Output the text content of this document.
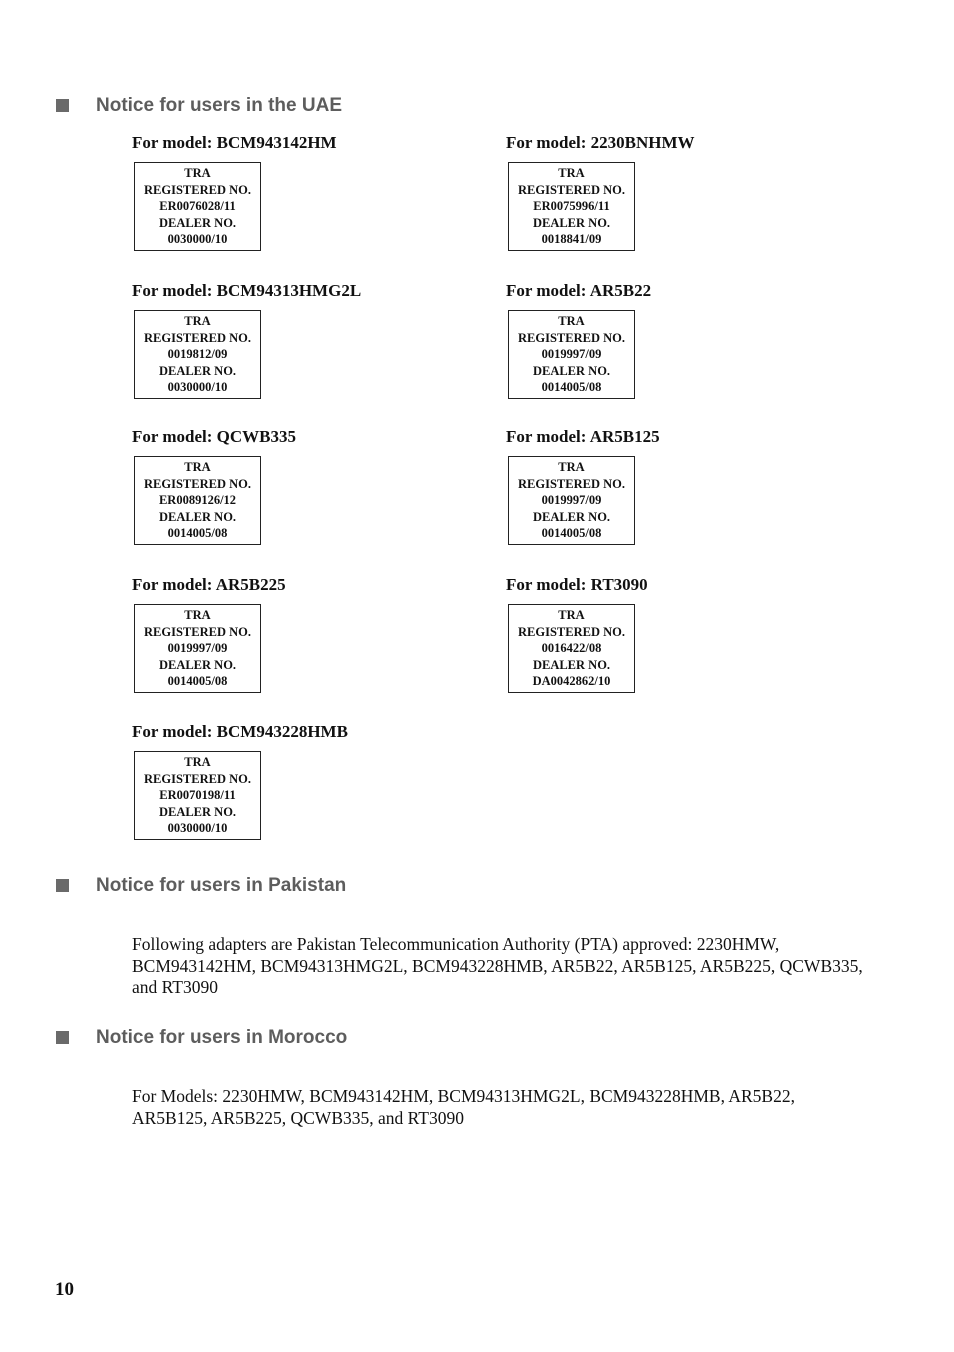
Notice for users in the UAE
For model: BCM943142HM
TRA
REGISTERED NO.
ER0076028/11
DEALER NO.
0030000/10
For model: 2230BNHMW
TRA
REGISTERED NO.
ER0075996/11
DEALER NO.
0018841/09
For model: BCM94313HMG2L
TRA
REGISTERED NO.
0019812/09
DEALER NO.
0030000/10
For model: AR5B22
TRA
REGISTERED NO.
0019997/09
DEALER NO.
0014005/08
For model: QCWB335
TRA
REGISTERED NO.
ER0089126/12
DEALER NO.
0014005/08
For model: AR5B125
TRA
REGISTERED NO.
0019997/09
DEALER NO.
0014005/08
For model: AR5B225
TRA
REGISTERED NO.
0019997/09
DEALER NO.
0014005/08
For model: RT3090
TRA
REGISTERED NO.
0016422/08
DEALER NO.
DA0042862/10
For model: BCM943228HMB
TRA
REGISTERED NO.
ER0070198/11
DEALER NO.
0030000/10
Notice for users in Pakistan
Following adapters are Pakistan Telecommunication Authority (PTA) approved: 2230HMW, BCM943142HM, BCM94313HMG2L, BCM943228HMB, AR5B22, AR5B125, AR5B225, QCWB335, and RT3090
Notice for users in Morocco
For Models: 2230HMW, BCM943142HM, BCM94313HMG2L, BCM943228HMB, AR5B22, AR5B125, AR5B225, QCWB335, and RT3090
10
